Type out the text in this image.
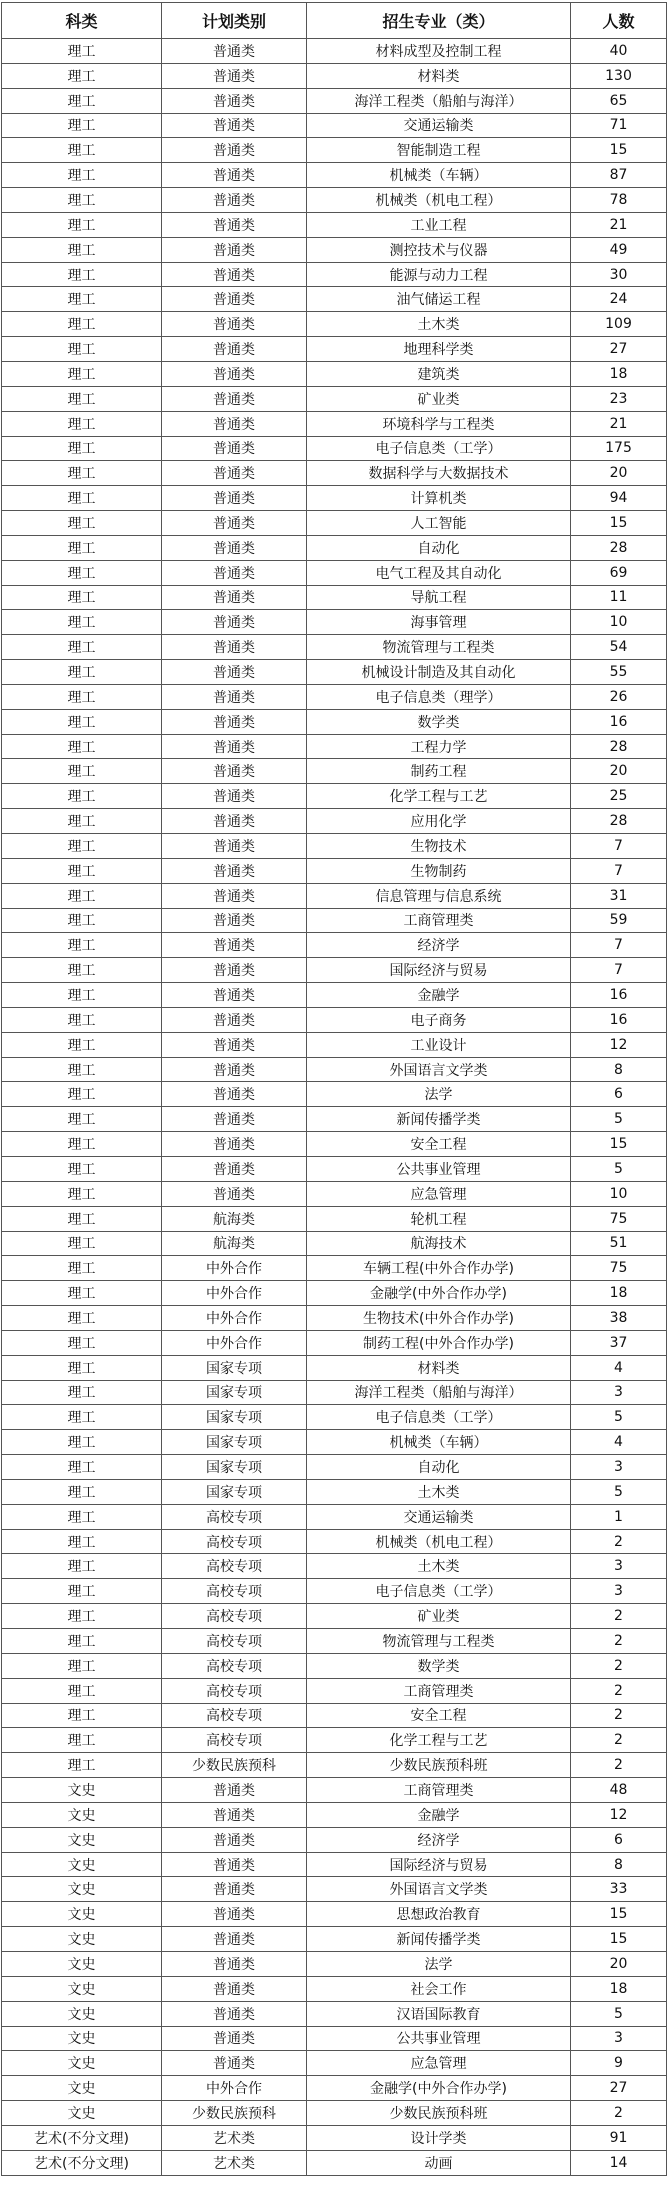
科类	计划类别	招生专业（类）	人数
理工	普通类	材料成型及控制工程	40
理工	普通类	材料类	130
理工	普通类	海洋工程类（船舶与海洋）	65
理工	普通类	交通运输类	71
理工	普通类	智能制造工程	15
理工	普通类	机械类（车辆）	87
理工	普通类	机械类（机电工程）	78
理工	普通类	工业工程	21
理工	普通类	测控技术与仪器	49
理工	普通类	能源与动力工程	30
理工	普通类	油气储运工程	24
理工	普通类	土木类	109
理工	普通类	地理科学类	27
理工	普通类	建筑类	18
理工	普通类	矿业类	23
理工	普通类	环境科学与工程类	21
理工	普通类	电子信息类（工学）	175
理工	普通类	数据科学与大数据技术	20
理工	普通类	计算机类	94
理工	普通类	人工智能	15
理工	普通类	自动化	28
理工	普通类	电气工程及其自动化	69
理工	普通类	导航工程	11
理工	普通类	海事管理	10
理工	普通类	物流管理与工程类	54
理工	普通类	机械设计制造及其自动化	55
理工	普通类	电子信息类（理学）	26
理工	普通类	数学类	16
理工	普通类	工程力学	28
理工	普通类	制药工程	20
理工	普通类	化学工程与工艺	25
理工	普通类	应用化学	28
理工	普通类	生物技术	7
理工	普通类	生物制药	7
理工	普通类	信息管理与信息系统	31
理工	普通类	工商管理类	59
理工	普通类	经济学	7
理工	普通类	国际经济与贸易	7
理工	普通类	金融学	16
理工	普通类	电子商务	16
理工	普通类	工业设计	12
理工	普通类	外国语言文学类	8
理工	普通类	法学	6
理工	普通类	新闻传播学类	5
理工	普通类	安全工程	15
理工	普通类	公共事业管理	5
理工	普通类	应急管理	10
理工	航海类	轮机工程	75
理工	航海类	航海技术	51
理工	中外合作	车辆工程(中外合作办学)	75
理工	中外合作	金融学(中外合作办学)	18
理工	中外合作	生物技术(中外合作办学)	38
理工	中外合作	制药工程(中外合作办学)	37
理工	国家专项	材料类	4
理工	国家专项	海洋工程类（船舶与海洋）	3
理工	国家专项	电子信息类（工学）	5
理工	国家专项	机械类（车辆）	4
理工	国家专项	自动化	3
理工	国家专项	土木类	5
理工	高校专项	交通运输类	1
理工	高校专项	机械类（机电工程）	2
理工	高校专项	土木类	3
理工	高校专项	电子信息类（工学）	3
理工	高校专项	矿业类	2
理工	高校专项	物流管理与工程类	2
理工	高校专项	数学类	2
理工	高校专项	工商管理类	2
理工	高校专项	安全工程	2
理工	高校专项	化学工程与工艺	2
理工	少数民族预科	少数民族预科班	2
文史	普通类	工商管理类	48
文史	普通类	金融学	12
文史	普通类	经济学	6
文史	普通类	国际经济与贸易	8
文史	普通类	外国语言文学类	33
文史	普通类	思想政治教育	15
文史	普通类	新闻传播学类	15
文史	普通类	法学	20
文史	普通类	社会工作	18
文史	普通类	汉语国际教育	5
文史	普通类	公共事业管理	3
文史	普通类	应急管理	9
文史	中外合作	金融学(中外合作办学)	27
文史	少数民族预科	少数民族预科班	2
艺术(不分文理)	艺术类	设计学类	91
艺术(不分文理)	艺术类	动画	14
